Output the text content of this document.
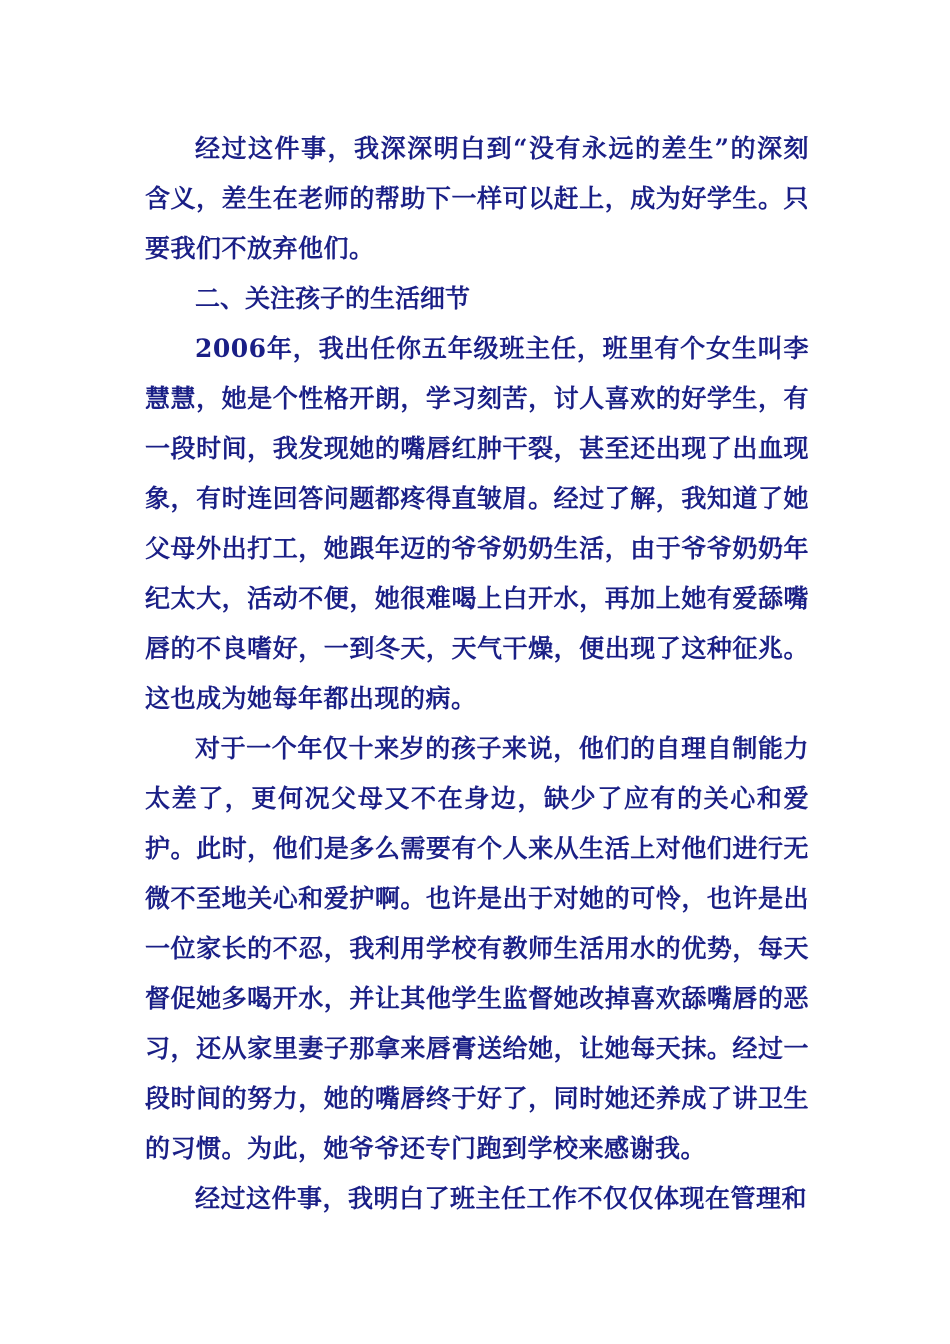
经过这件事，我深深明白到“没有永远的差生”的深刻含义，差生在老师的帮助下一样可以赶上，成为好学生。只要我们不放弃他们。

二、关注孩子的生活细节

2006年，我出任你五年级班主任，班里有个女生叫李慧慧，她是个性格开朗，学习刻苦，讨人喜欢的好学生，有一段时间，我发现她的嘴唇红肿干裂，甚至还出现了出血现象，有时连回答问题都疼得直皱眉。经过了解，我知道了她父母外出打工，她跟年迈的爷爷奶奶生活，由于爷爷奶奶年纪太大，活动不便，她很难喝上白开水，再加上她有爱舔嘴唇的不良嗜好，一到冬天，天气干燥，便出现了这种征兆。这也成为她每年都出现的病。

对于一个年仅十来岁的孩子来说，他们的自理自制能力太差了，更何况父母又不在身边，缺少了应有的关心和爱护。此时，他们是多么需要有个人来从生活上对他们进行无微不至地关心和爱护啊。也许是出于对她的可怜，也许是出一位家长的不忍，我利用学校有教师生活用水的优势，每天督促她多喝开水，并让其他学生监督她改掉喜欢舔嘴唇的恶习，还从家里妻子那拿来唇膏送给她，让她每天抹。经过一段时间的努力，她的嘴唇终于好了，同时她还养成了讲卫生的习惯。为此，她爷爷还专门跑到学校来感谢我。

经过这件事，我明白了班主任工作不仅仅体现在管理和
